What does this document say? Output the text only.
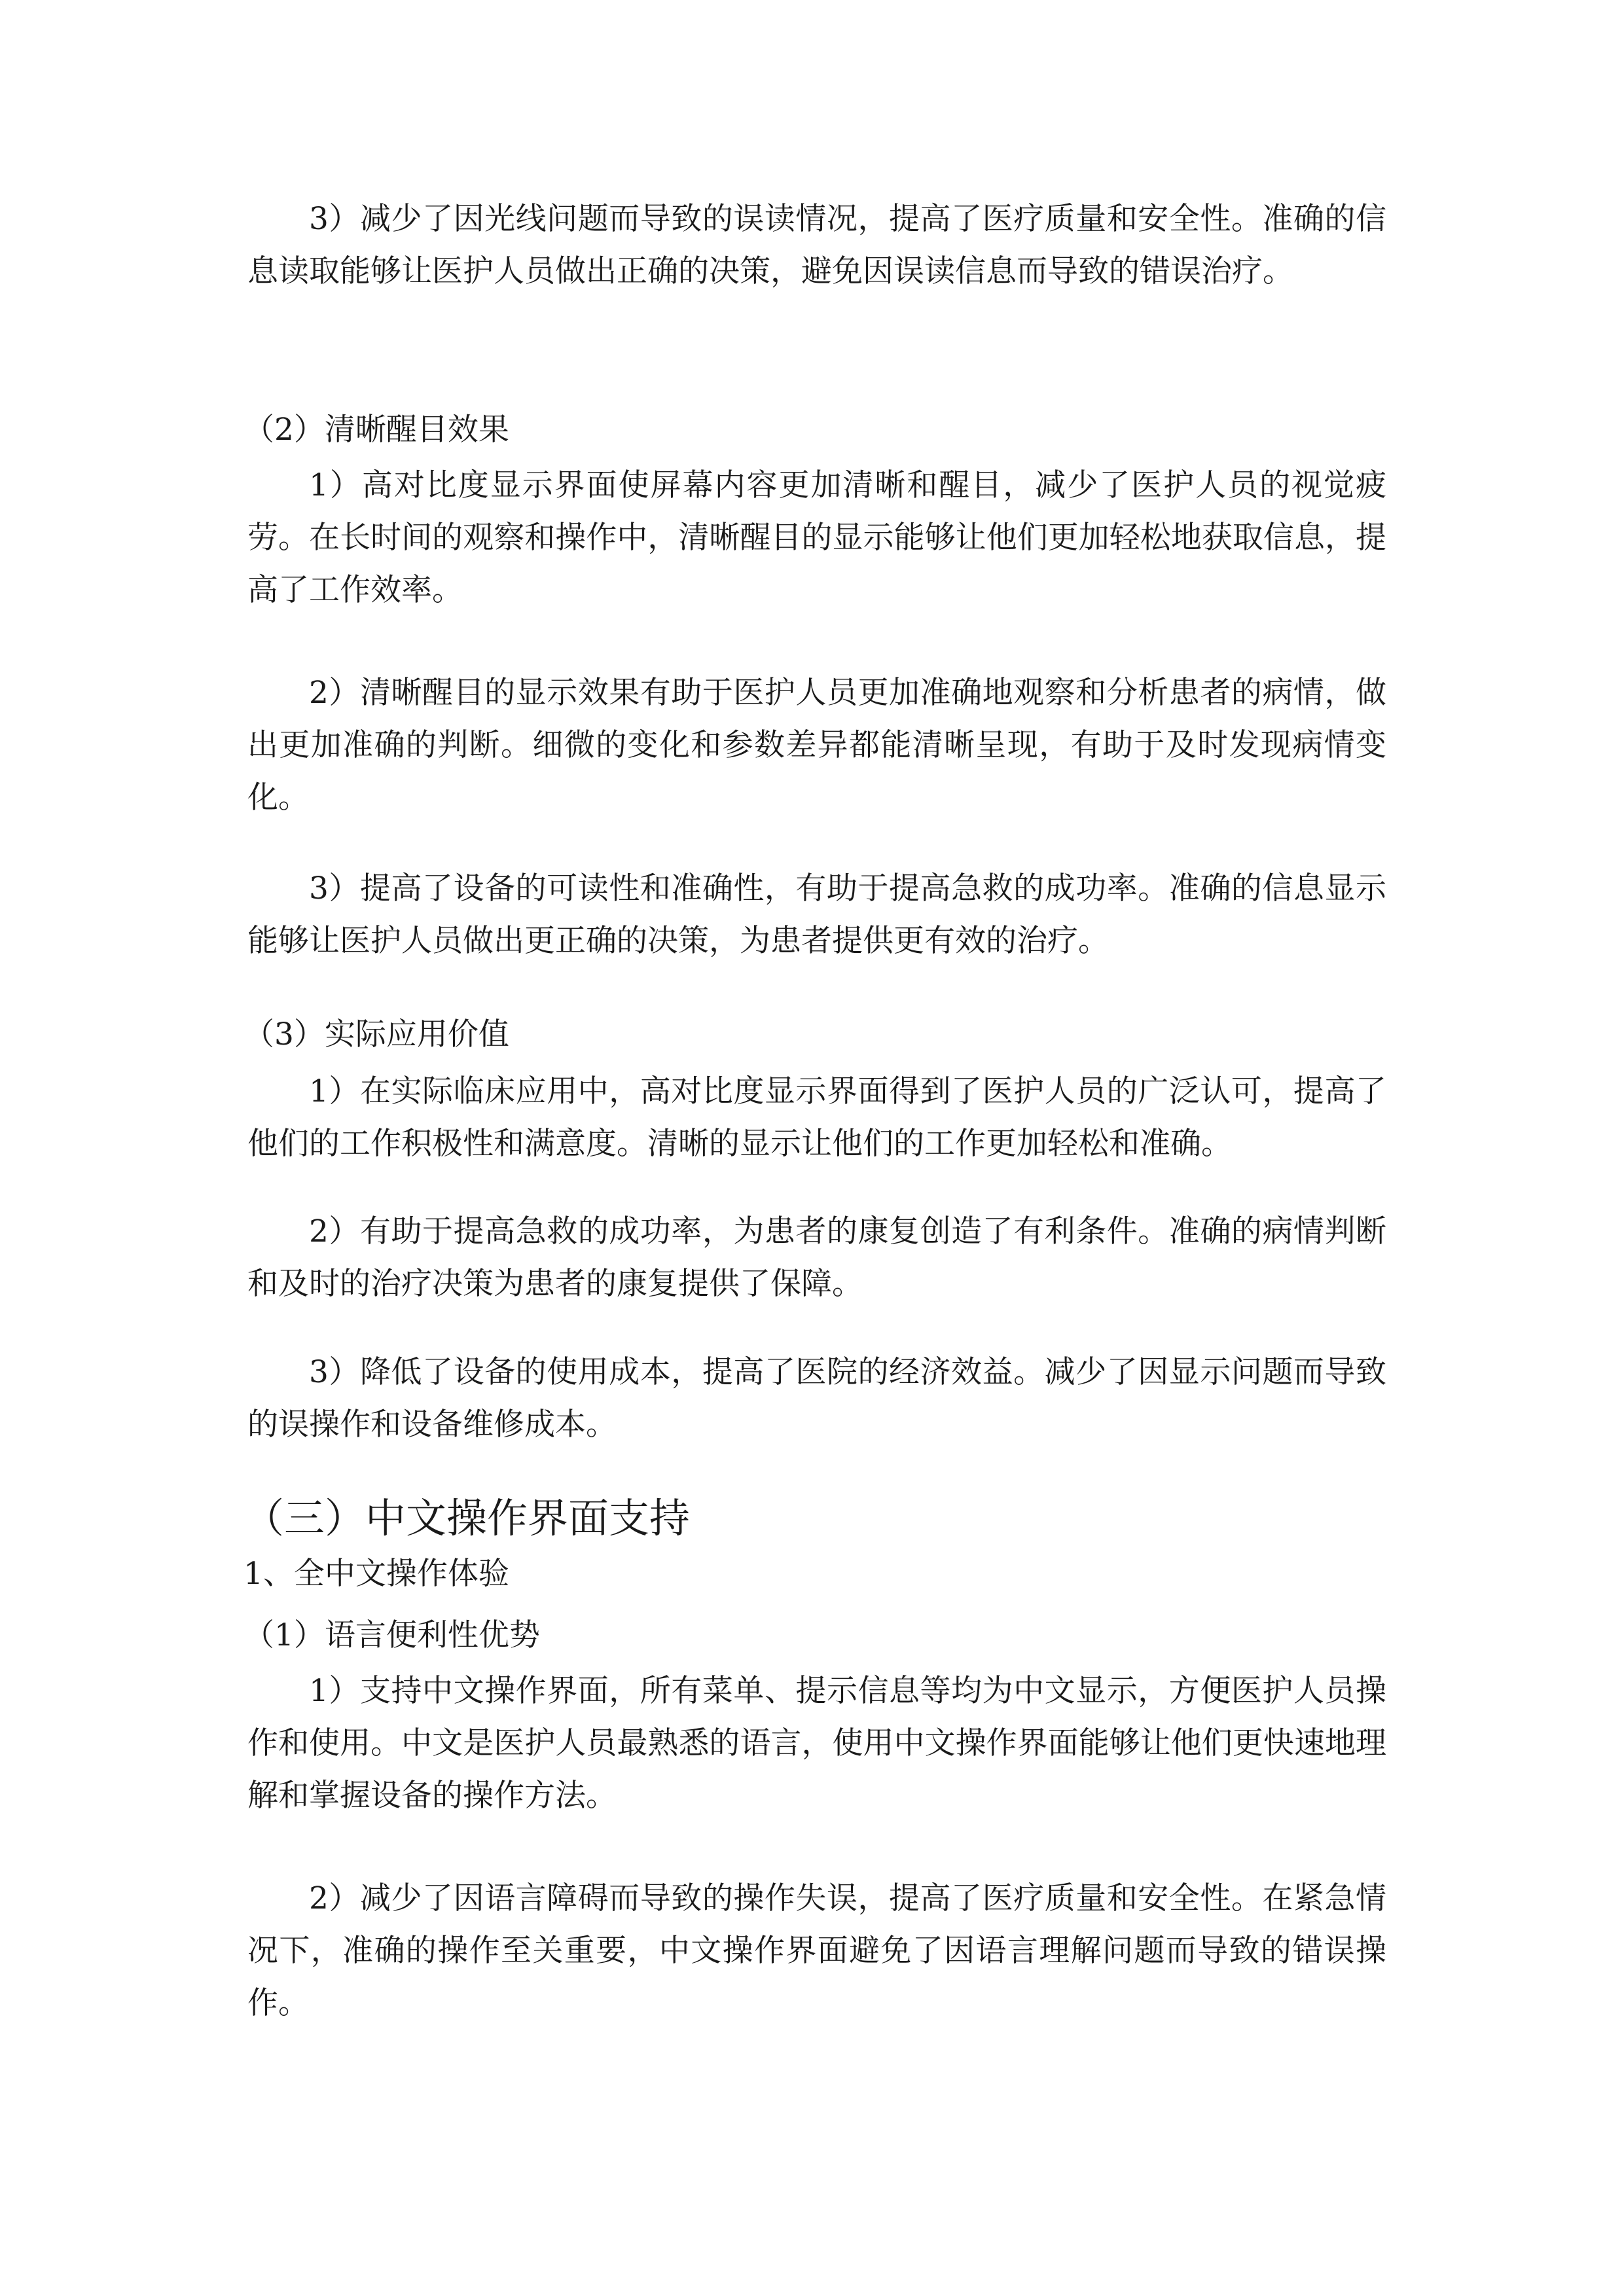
3）减少了因光线问题而导致的误读情况，提高了医疗质量和安全性。准确的信息读取能够让医护人员做出正确的决策，避免因误读信息而导致的错误治疗。

（2）清晰醒目效果

1）高对比度显示界面使屏幕内容更加清晰和醒目，减少了医护人员的视觉疲劳。在长时间的观察和操作中，清晰醒目的显示能够让他们更加轻松地获取信息，提高了工作效率。

2）清晰醒目的显示效果有助于医护人员更加准确地观察和分析患者的病情，做出更加准确的判断。细微的变化和参数差异都能清晰呈现，有助于及时发现病情变化。

3）提高了设备的可读性和准确性，有助于提高急救的成功率。准确的信息显示能够让医护人员做出更正确的决策，为患者提供更有效的治疗。

（3）实际应用价值

1）在实际临床应用中，高对比度显示界面得到了医护人员的广泛认可，提高了他们的工作积极性和满意度。清晰的显示让他们的工作更加轻松和准确。

2）有助于提高急救的成功率，为患者的康复创造了有利条件。准确的病情判断和及时的治疗决策为患者的康复提供了保障。

3）降低了设备的使用成本，提高了医院的经济效益。减少了因显示问题而导致的误操作和设备维修成本。

（三）中文操作界面支持

1、全中文操作体验

（1）语言便利性优势

1）支持中文操作界面，所有菜单、提示信息等均为中文显示，方便医护人员操作和使用。中文是医护人员最熟悉的语言，使用中文操作界面能够让他们更快速地理解和掌握设备的操作方法。

2）减少了因语言障碍而导致的操作失误，提高了医疗质量和安全性。在紧急情况下，准确的操作至关重要，中文操作界面避免了因语言理解问题而导致的错误操作。
